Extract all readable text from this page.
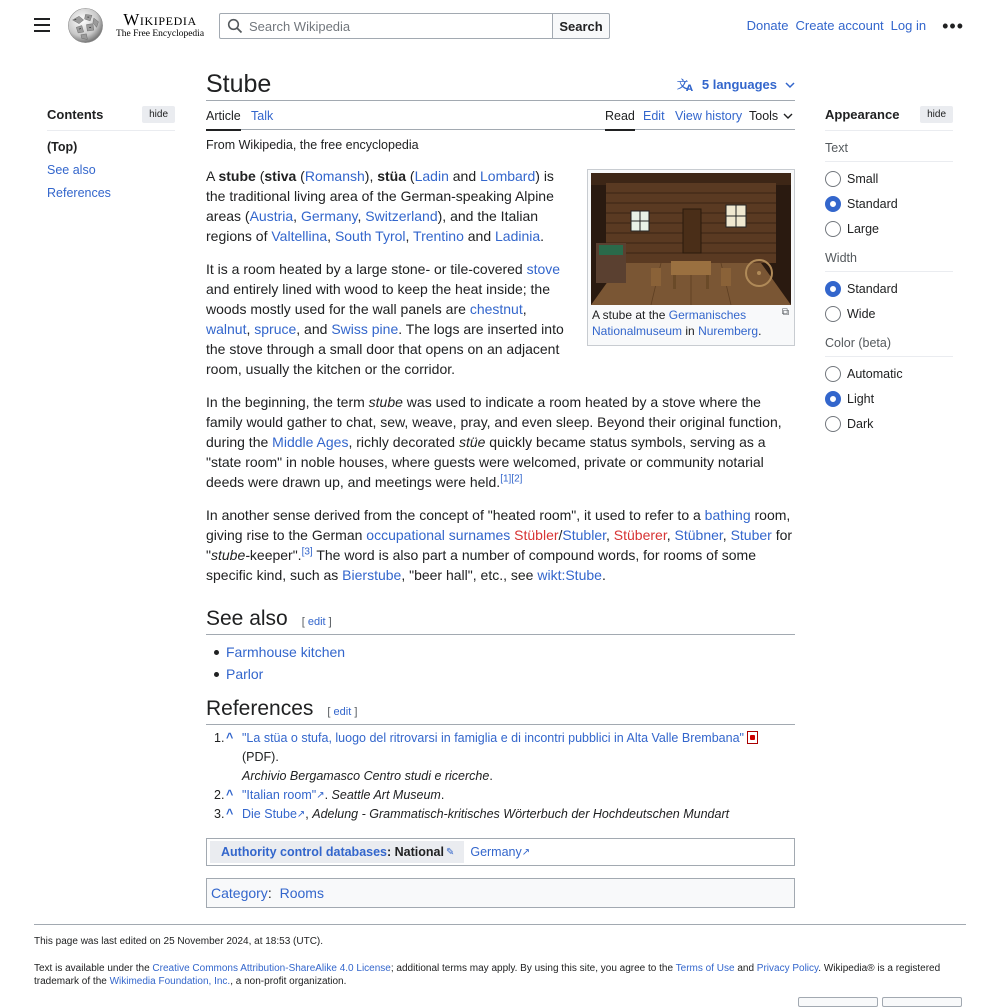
Wikipedia
The Free Encyclopedia
Search Wikipedia
Search	Donate Create account Log in •••
Contents	hide
(Top)
See also
References
Stube	文
A 5 languages
Article Talk	Read Edit View history Tools
From Wikipedia, the free encyclopedia
A stube at the Germanisches Nationalmuseum in Nuremberg.
⧉

A stube (stiva (Romansh), stüa (Ladin and Lombard) is the traditional living area of the German-speaking Alpine areas (Austria, Germany, Switzerland), and the Italian regions of Valtellina, South Tyrol, Trentino and Ladinia.

It is a room heated by a large stone- or tile-covered stove and entirely lined with wood to keep the heat inside; the woods mostly used for the wall panels are chestnut, walnut, spruce, and Swiss pine. The logs are inserted into the stove through a small door that opens on an adjacent room, usually the kitchen or the corridor.

In the beginning, the term stube was used to indicate a room heated by a stove where the family would gather to chat, sew, weave, pray, and even sleep. Beyond their original function, during the Middle Ages, richly decorated stüe quickly became status symbols, serving as a "state room" in noble houses, where guests were welcomed, private or community notarial deeds were drawn up, and meetings were held.[1][2]

In another sense derived from the concept of "heated room", it used to refer to a bathing room, giving rise to the German occupational surnames Stübler/Stubler, Stüberer, Stübner, Stuber for "stube-keeper".[3] The word is also part a number of compound words, for rooms of some specific kind, such as Bierstube, "beer hall", etc., see wikt:Stube.

See also [ edit ]
Farmhouse kitchen
Parlor
References [ edit ]
1. ^ "La stüa o stufa, luogo del ritrovarsi in famiglia e di incontri pubblici in Alta Valle Brembana" (PDF).
Archivio Bergamasco Centro studi e ricerche.
2. ^ "Italian room"↗. Seattle Art Museum.
3. ^ Die Stube↗, Adelung - Grammatisch-kritisches Wörterbuch der Hochdeutschen Mundart
Authority control databases : National ✎ Germany ↗
Category : Rooms
Appearance	hide
Text
Small
Standard
Large
Width
Standard
Wide
Color (beta)
Automatic
Light
Dark

This page was last edited on 25 November 2024, at 18:53 (UTC).

Text is available under the Creative Commons Attribution-ShareAlike 4.0 License; additional terms may apply. By using this site, you agree to the Terms of Use and Privacy Policy. Wikipedia® is a registered trademark of the Wikimedia Foundation, Inc., a non-profit organization.
